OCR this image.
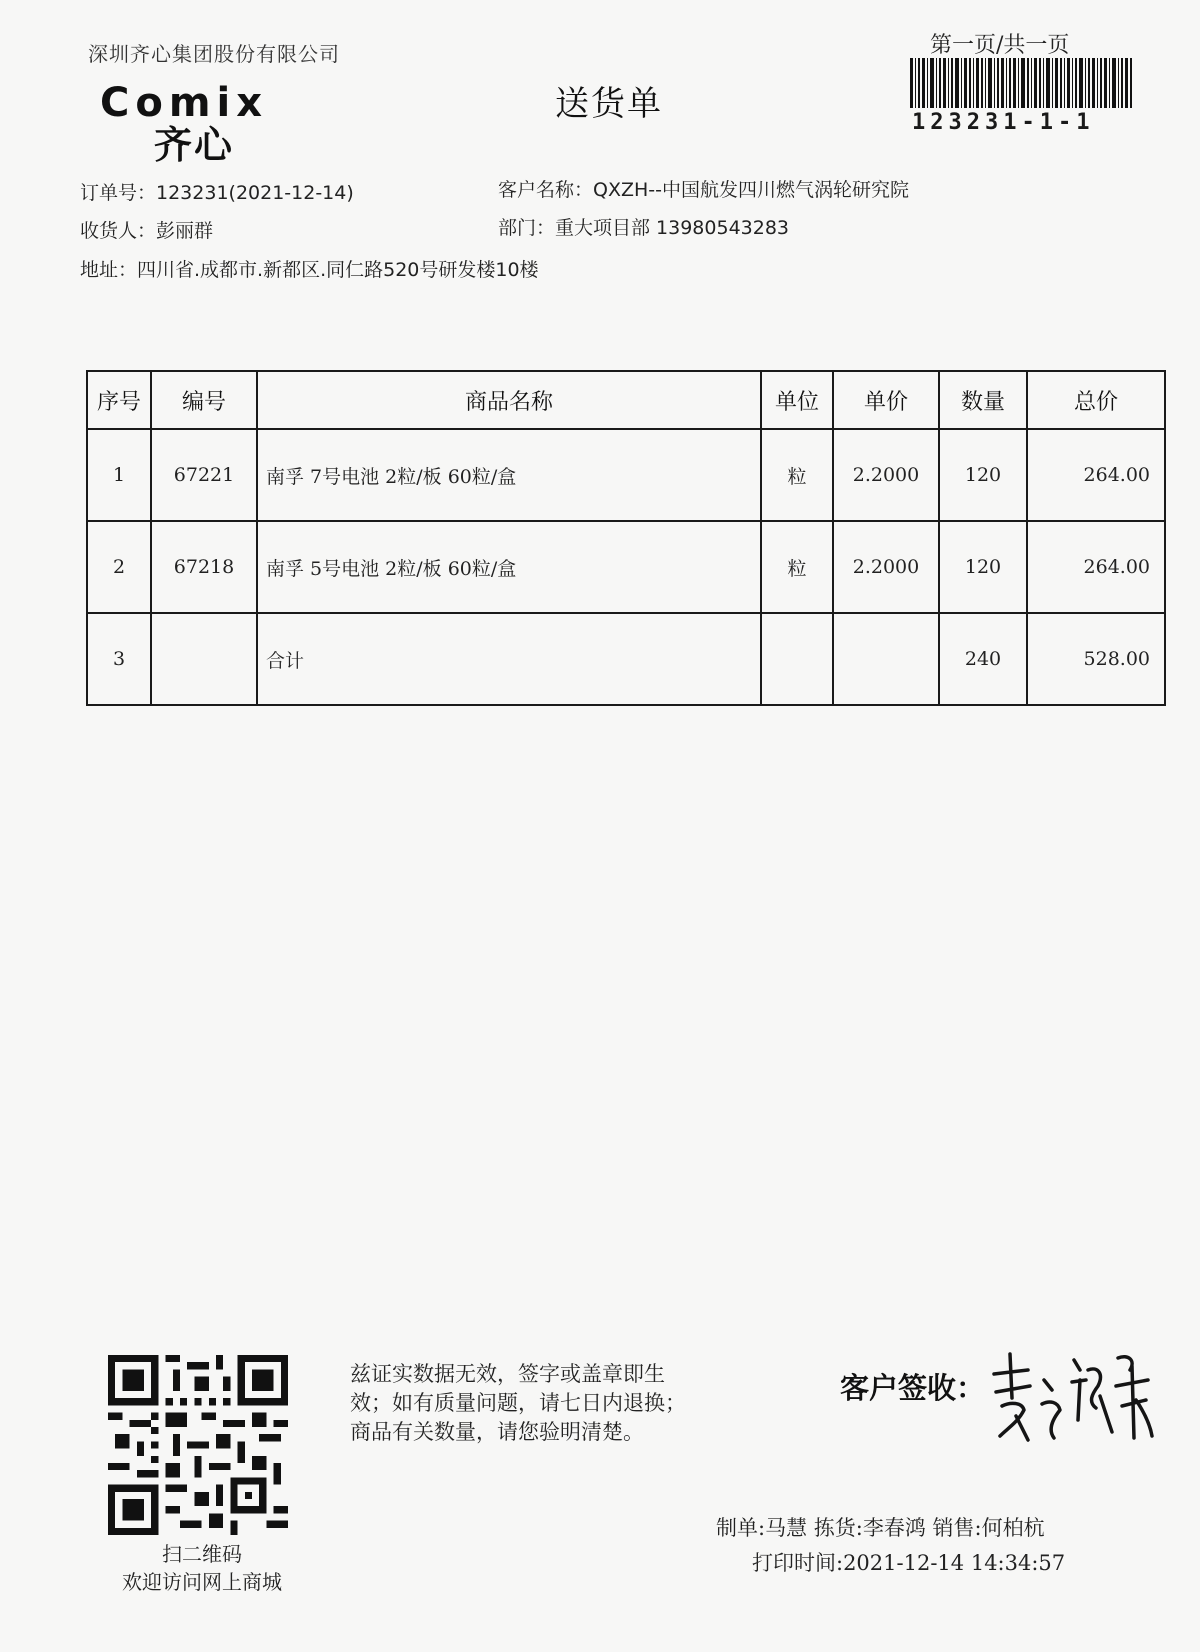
深圳齐心集团股份有限公司
Comix
齐心
送货单
第一页/共一页
123231-1-1
订单号：123231(2021-12-14)
收货人：彭丽群
地址：四川省.成都市.新都区.同仁路520号研发楼10楼
客户名称：QXZH--中国航发四川燃气涡轮研究院
部门：重大项目部 13980543283
序号	编号	商品名称	单位	单价	数量	总价
1	67221	南孚 7号电池 2粒/板 60粒/盒	粒	2.2000	120	264.00
2	67218	南孚 5号电池 2粒/板 60粒/盒	粒	2.2000	120	264.00
3		合计			240	528.00
扫二维码
欢迎访问网上商城
兹证实数据无效，签字或盖章即生
效；如有质量问题，请七日内退换；
商品有关数量，请您验明清楚。
客户签收：
制单:马慧 拣货:李春鸿 销售:何柏杭
打印时间:2021-12-14 14:34:57
